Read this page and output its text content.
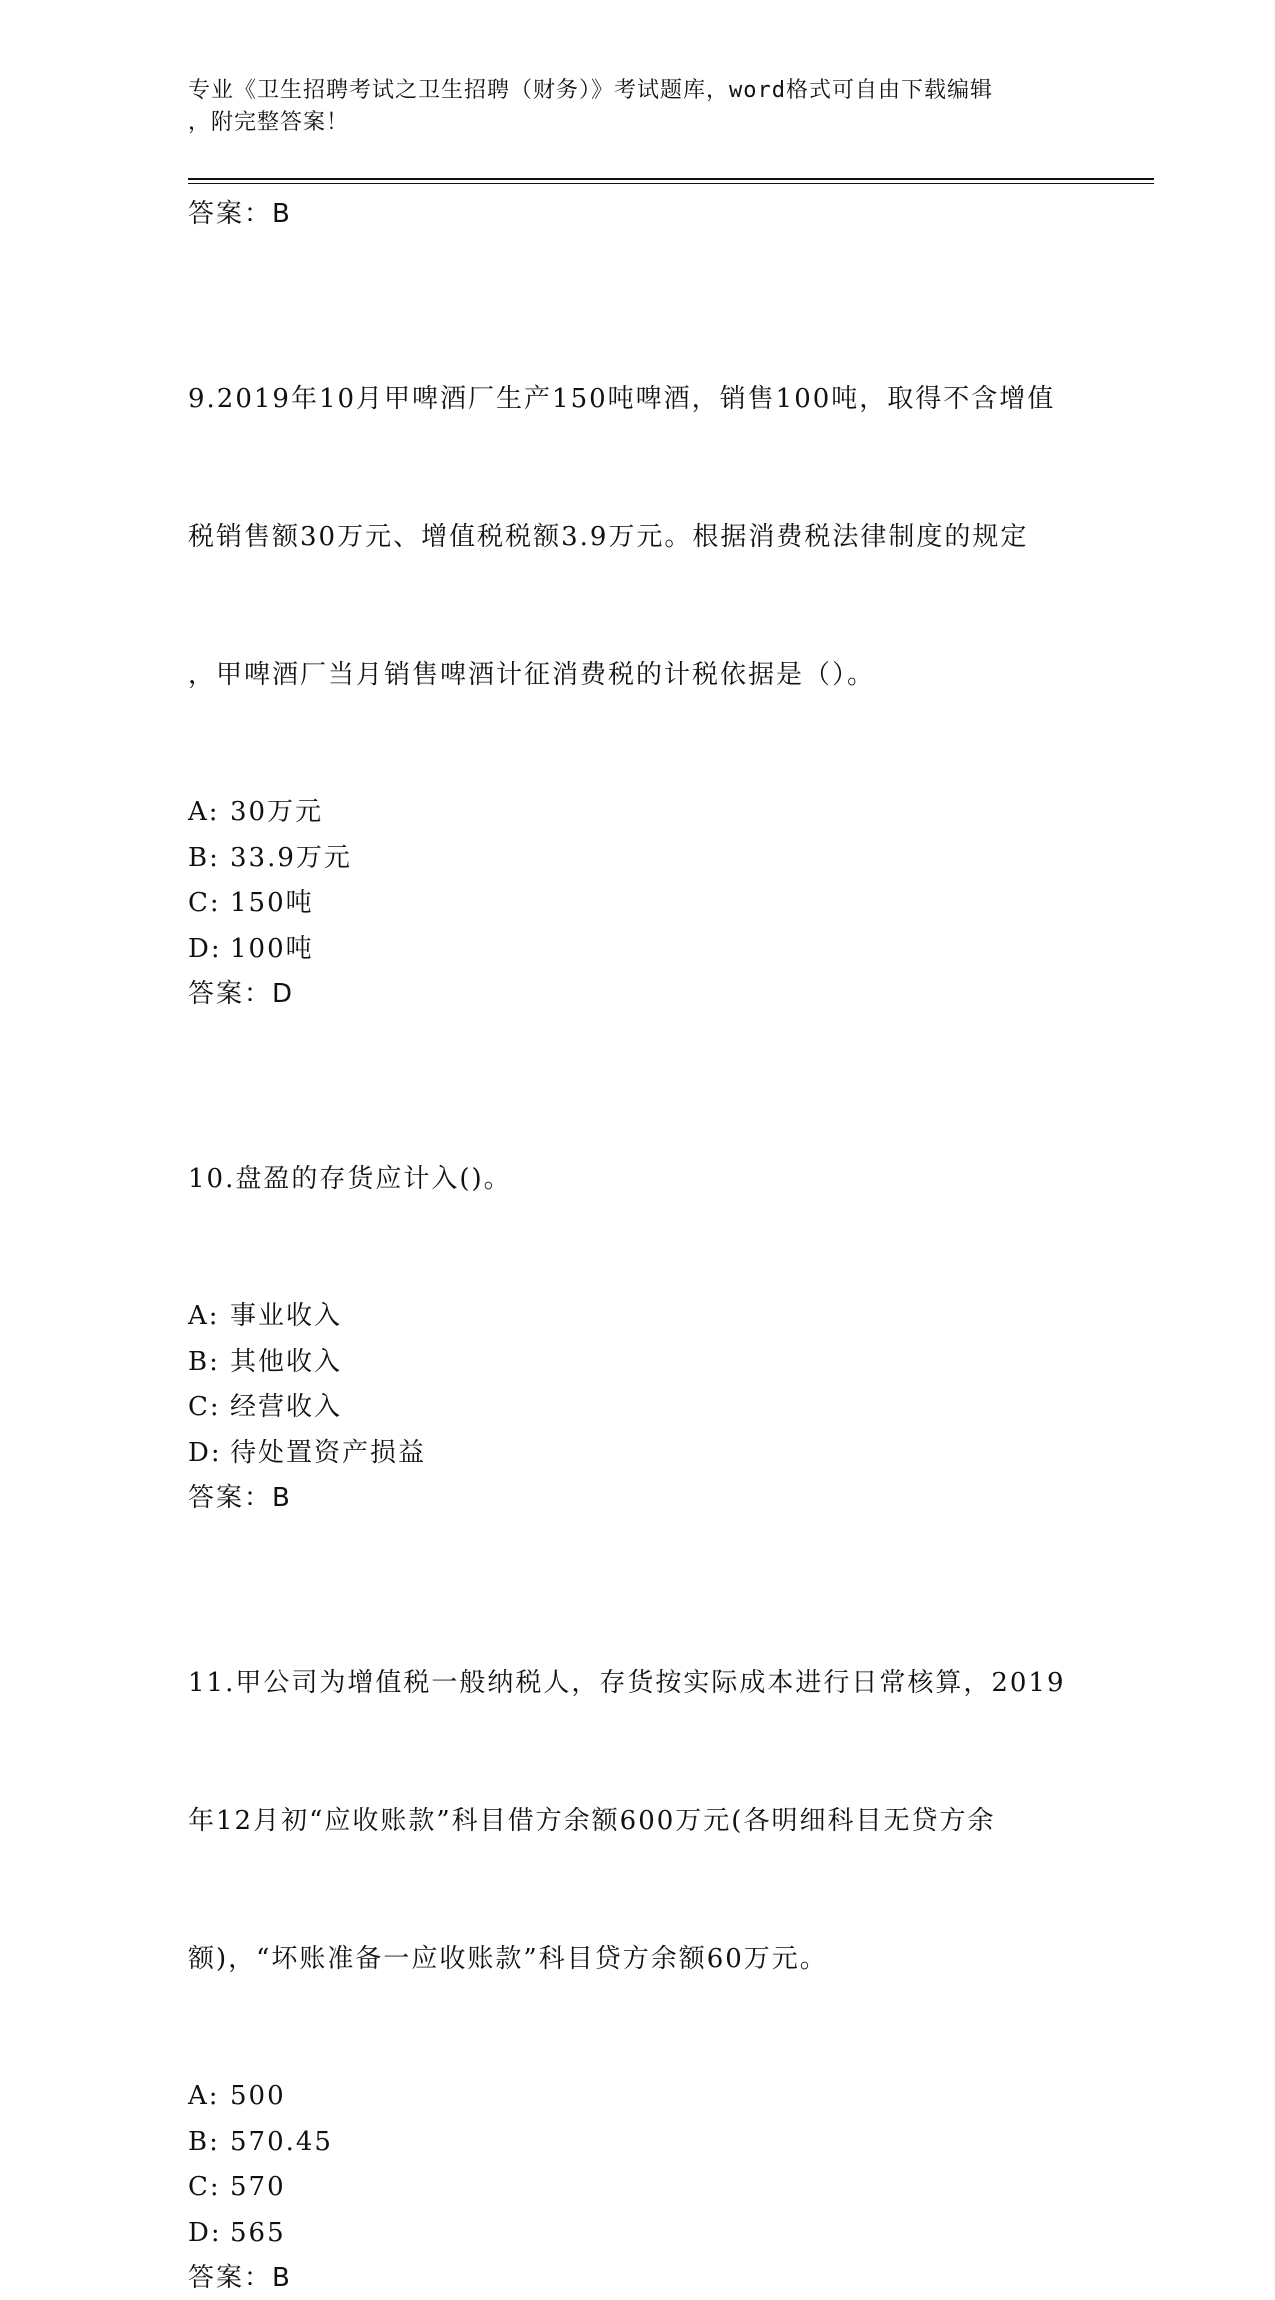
专业《卫生招聘考试之卫生招聘（财务）》考试题库，word格式可自由下载编辑
，附完整答案！
答案：B

9.2019年10月甲啤酒厂生产150吨啤酒，销售100吨，取得不含增值

税销售额30万元、增值税税额3.9万元。根据消费税法律制度的规定

，甲啤酒厂当月销售啤酒计征消费税的计税依据是（）。

A: 30万元
B: 33.9万元
C: 150吨
D: 100吨
答案：D

10.盘盈的存货应计入()。

A: 事业收入
B: 其他收入
C: 经营收入
D: 待处置资产损益
答案：B

11.甲公司为增值税一般纳税人，存货按实际成本进行日常核算，2019

年12月初“应收账款”科目借方余额600万元(各明细科目无贷方余

额)，“坏账准备一应收账款”科目贷方余额60万元。

A: 500
B: 570.45
C: 570
D: 565
答案：B
